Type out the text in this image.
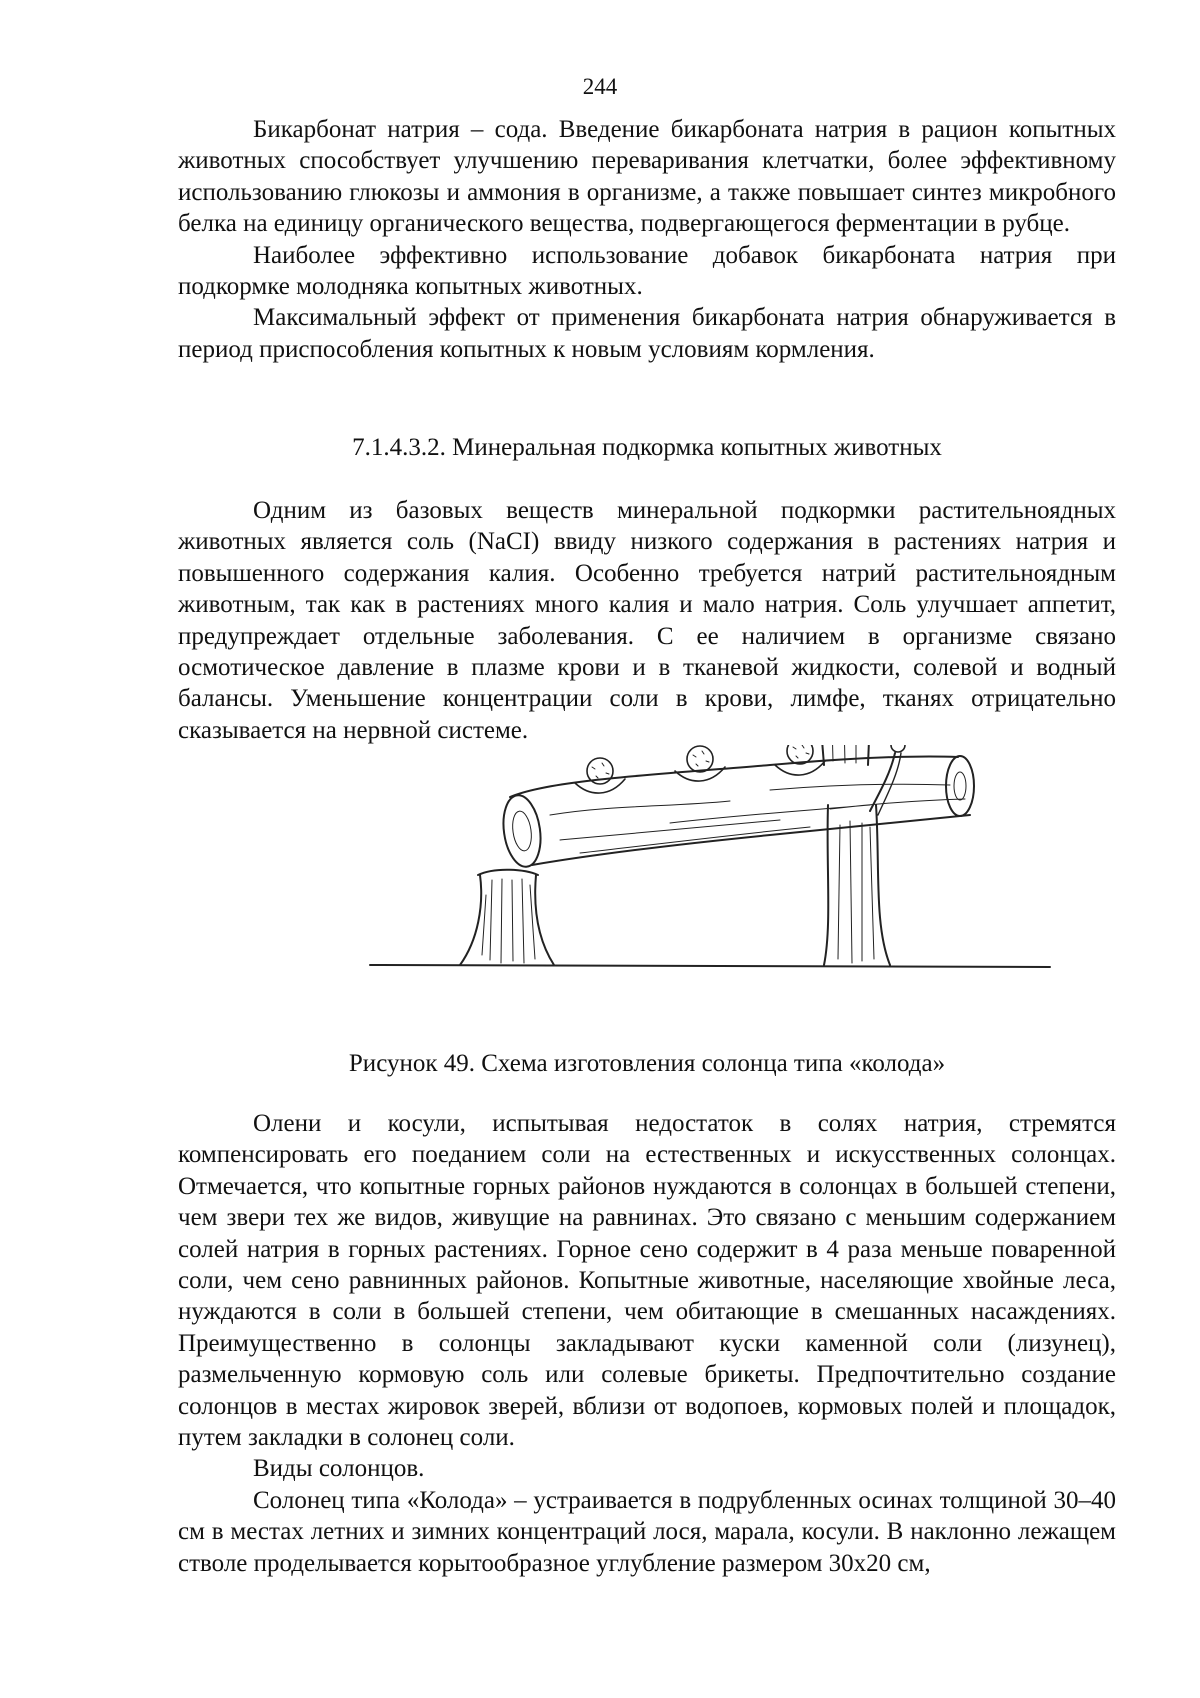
244

Бикарбонат натрия – сода. Введение бикарбоната натрия в рацион копытных животных способствует улучшению переваривания клетчатки, более эффективному использованию глюкозы и аммония в организме, а также повышает синтез микробного белка на единицу органического вещества, подвергающегося ферментации в рубце.

Наиболее эффективно использование добавок бикарбоната натрия при подкормке молодняка копытных животных.

Максимальный эффект от применения бикарбоната натрия обнаруживается в период приспособления копытных к новым условиям кормления.

7.1.4.3.2. Минеральная подкормка копытных животных

Одним из базовых веществ минеральной подкормки растительноядных животных является соль (NaCI) ввиду низкого содержания в растениях натрия и повышенного содержания калия. Особенно требуется натрий растительноядным животным, так как в растениях много калия и мало натрия. Соль улучшает аппетит, предупреждает отдельные заболевания. С ее наличием в организме связано осмотическое давление в плазме крови и в тканевой жидкости, солевой и водный балансы. Уменьшение концентрации соли в крови, лимфе, тканях отрицательно сказывается на нервной системе.

Рисунок 49. Схема изготовления солонца типа «колода»

Олени и косули, испытывая недостаток в солях натрия, стремятся компенсировать его поеданием соли на естественных и искусственных солонцах. Отмечается, что копытные горных районов нуждаются в солонцах в большей степени, чем звери тех же видов, живущие на равнинах. Это связано с меньшим содержанием солей натрия в горных растениях. Горное сено содержит в 4 раза меньше поваренной соли, чем сено равнинных районов. Копытные животные, населяющие хвойные леса, нуждаются в соли в большей степени, чем обитающие в смешанных насаждениях. Преимущественно в солонцы закладывают куски каменной соли (лизунец), размельченную кормовую соль или солевые брикеты. Предпочтительно создание солонцов в местах жировок зверей, вблизи от водопоев, кормовых полей и площадок, путем закладки в солонец соли.

Виды солонцов.

Солонец типа «Колода» – устраивается в подрубленных осинах толщиной 30–40 см в местах летних и зимних концентраций лося, марала, косули. В наклонно лежащем стволе проделывается корытообразное углубление размером 30х20 см,
